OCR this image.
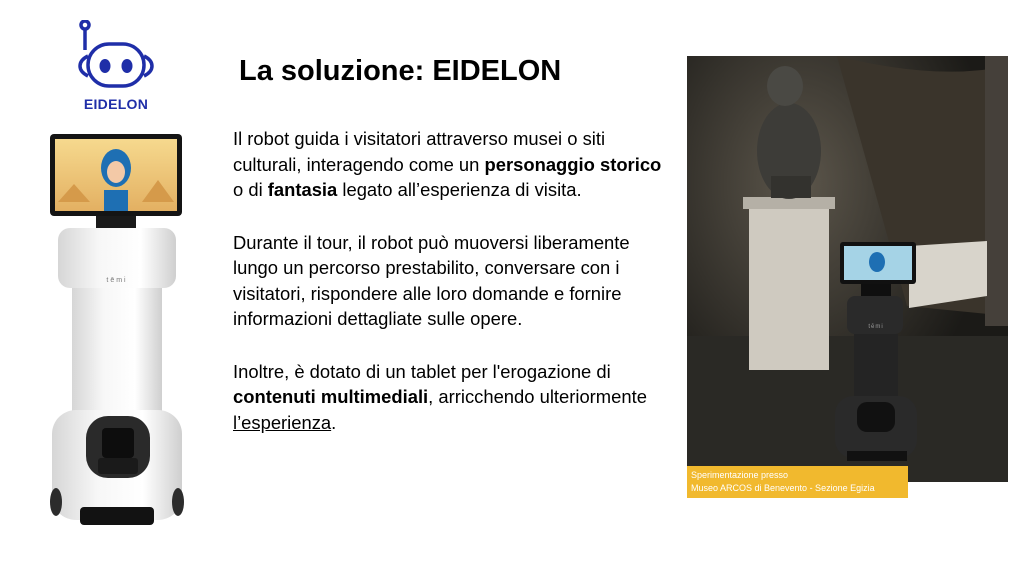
EIDELON
La soluzione: EIDELON

Il robot guida i visitatori attraverso musei o siti culturali, interagendo come un personaggio storico o di fantasia legato all’esperienza di visita.

Durante il tour, il robot può muoversi liberamente lungo un percorso prestabilito, conversare con i visitatori, rispondere alle loro domande e fornire informazioni dettagliate sulle opere.

Inoltre, è dotato di un tablet per l'erogazione di contenuti multimediali, arricchendo ulteriormente l’esperienza.

tēmi
tēmi
Sperimentazione presso
Museo ARCOS di Benevento - Sezione Egizia
